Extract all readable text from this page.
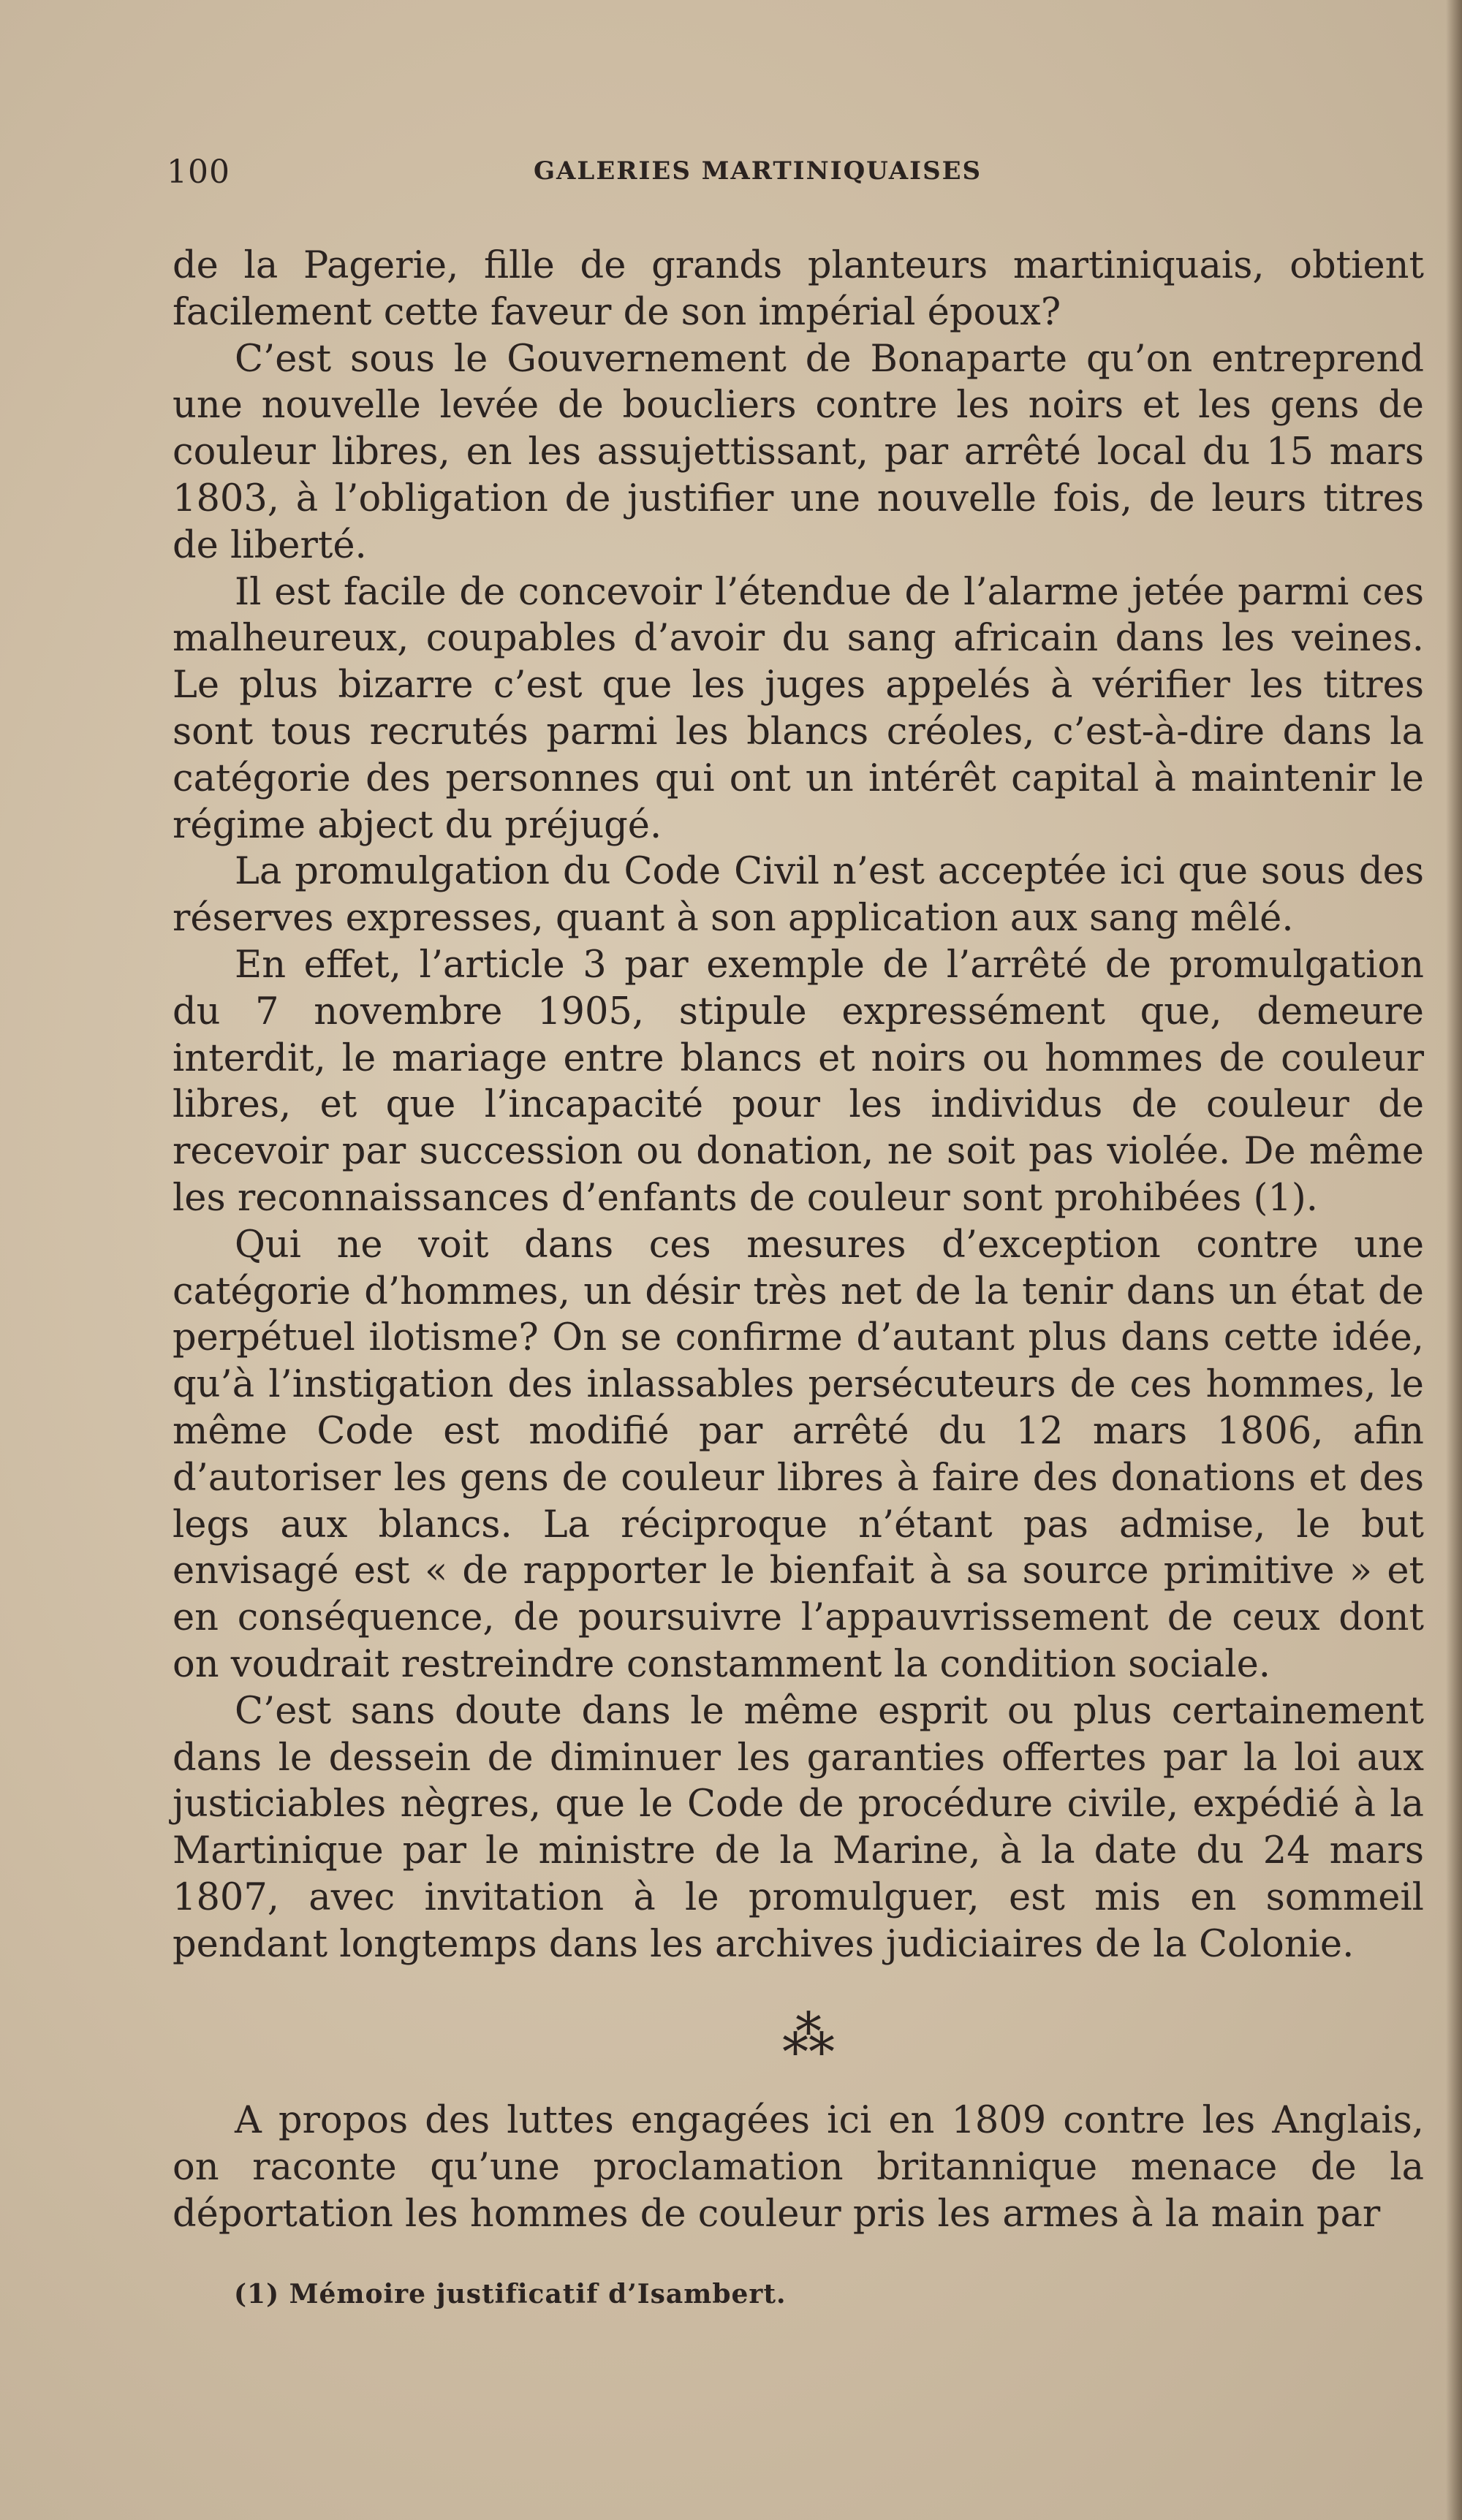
100	GALERIES MARTINIQUAISES

de la Pagerie, fille de grands planteurs martiniquais, obtient facilement cette faveur de son impérial époux?

C’est sous le Gouvernement de Bonaparte qu’on entreprend une nouvelle levée de boucliers contre les noirs et les gens de couleur libres, en les assujettissant, par arrêté local du 15 mars 1803, à l’obligation de justifier une nouvelle fois, de leurs titres de liberté.

Il est facile de concevoir l’étendue de l’alarme jetée parmi ces malheureux, coupables d’avoir du sang africain dans les veines. Le plus bizarre c’est que les juges appelés à vérifier les titres sont tous recrutés parmi les blancs créoles, c’est-à-dire dans la catégorie des personnes qui ont un intérêt capital à maintenir le régime abject du préjugé.

La promulgation du Code Civil n’est acceptée ici que sous des réserves expresses, quant à son application aux sang mêlé.

En effet, l’article 3 par exemple de l’arrêté de promulgation du 7 novembre 1905, stipule expressément que, demeure interdit, le mariage entre blancs et noirs ou hommes de couleur libres, et que l’incapacité pour les individus de couleur de recevoir par succession ou donation, ne soit pas violée. De même les reconnaissances d’enfants de couleur sont prohibées (1).

Qui ne voit dans ces mesures d’exception contre une catégorie d’hommes, un désir très net de la tenir dans un état de perpétuel ilotisme? On se confirme d’autant plus dans cette idée, qu’à l’instigation des inlassables persécuteurs de ces hommes, le même Code est modifié par arrêté du 12 mars 1806, afin d’autoriser les gens de couleur libres à faire des donations et des legs aux blancs. La réciproque n’étant pas admise, le but envisagé est « de rapporter le bienfait à sa source primitive » et en conséquence, de poursuivre l’appauvrissement de ceux dont on voudrait restreindre constamment la condition sociale.

C’est sans doute dans le même esprit ou plus certainement dans le dessein de diminuer les garanties offertes par la loi aux justiciables nègres, que le Code de procédure civile, expédié à la Martinique par le ministre de la Marine, à la date du 24 mars 1807, avec invitation à le promulguer, est mis en sommeil pendant longtemps dans les archives judiciaires de la Colonie.

⁂

A propos des luttes engagées ici en 1809 contre les Anglais, on raconte qu’une proclamation britannique menace de la déportation les hommes de couleur pris les armes à la main par

(1) Mémoire justificatif d’Isambert.
